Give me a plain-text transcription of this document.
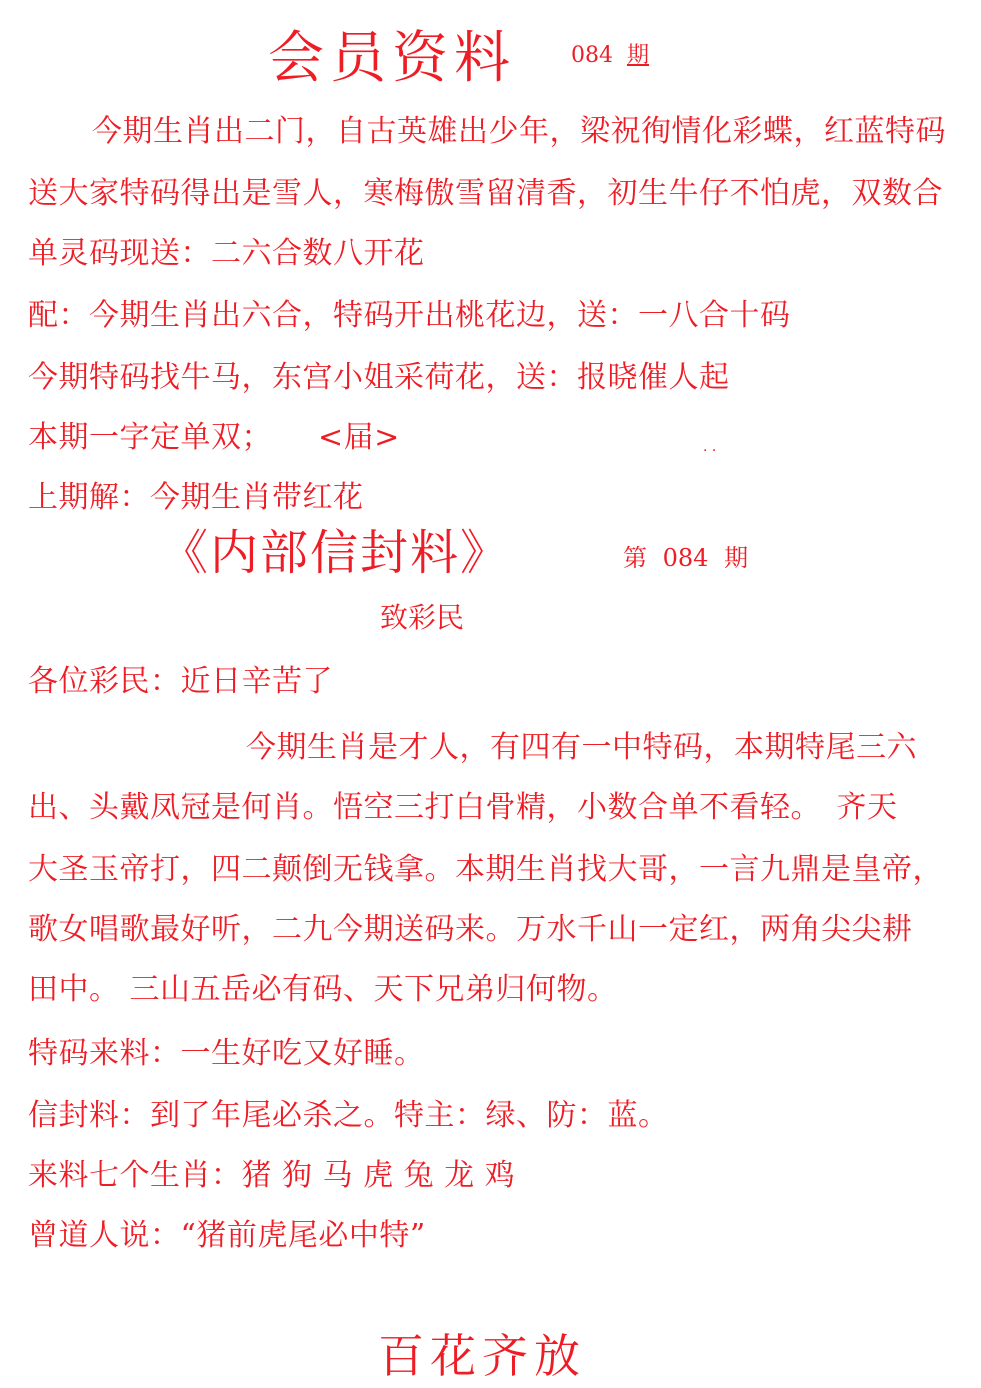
会员资料	084 期
今期生肖出二门，自古英雄出少年，梁祝徇情化彩蝶，红蓝特码
送大家特码得出是雪人，寒梅傲雪留清香，初生牛仔不怕虎，双数合
单灵码现送：二六合数八开花
配：今期生肖出六合，特码开出桃花边，送：一八合十码
今期特码找牛马，东宫小姐采荷花，送：报晓催人起
本期一字定单双；　　<届>	· ·
上期解：今期生肖带红花
《内部信封料》	第 084 期
致彩民
各位彩民：近日辛苦了
今期生肖是才人，有四有一中特码，本期特尾三六
出、头戴凤冠是何肖。悟空三打白骨精，小数合单不看轻。　齐天
大圣玉帝打，四二颠倒无钱拿。本期生肖找大哥，一言九鼎是皇帝，
歌女唱歌最好听，二九今期送码来。万水千山一定红，两角尖尖耕
田中。 三山五岳必有码、天下兄弟归何物。
特码来料：一生好吃又好睡。
信封料：到了年尾必杀之。特主：绿、防：蓝。
来料七个生肖：猪 狗 马 虎 兔 龙 鸡
曾道人说：“猪前虎尾必中特”
百花齐放
